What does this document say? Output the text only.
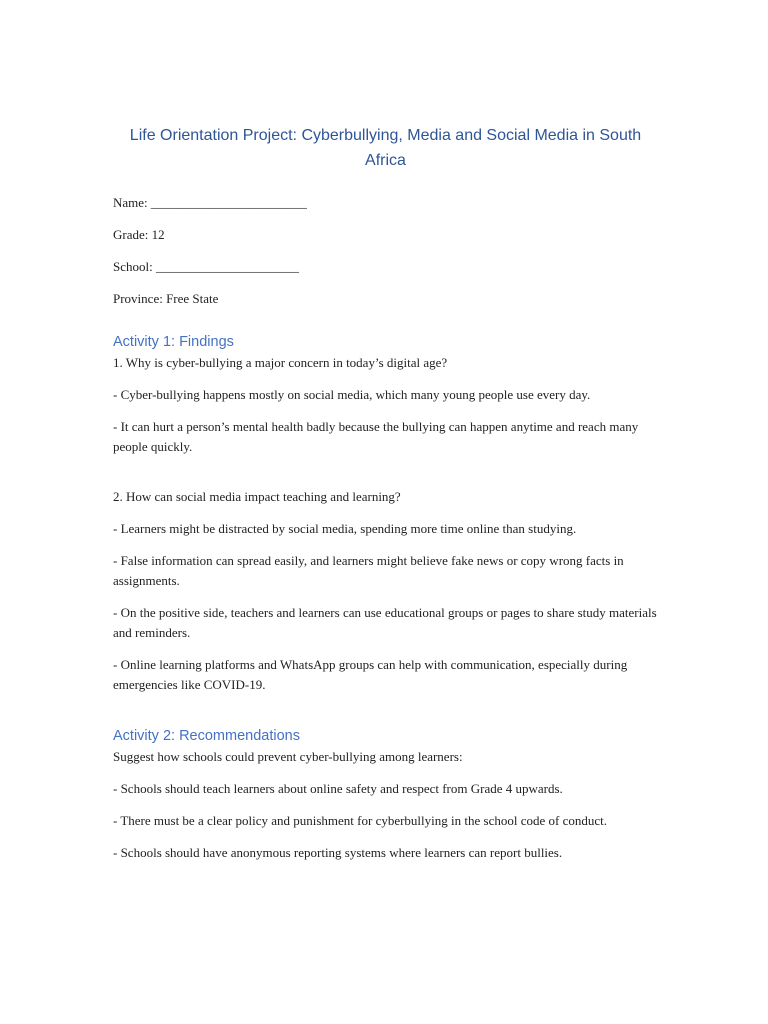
Life Orientation Project: Cyberbullying, Media and Social Media in South Africa

Name: ________________________

Grade: 12

School: ______________________

Province: Free State

Activity 1: Findings

1. Why is cyber-bullying a major concern in today’s digital age?

- Cyber-bullying happens mostly on social media, which many young people use every day.

- It can hurt a person’s mental health badly because the bullying can happen anytime and reach many people quickly.

2. How can social media impact teaching and learning?

- Learners might be distracted by social media, spending more time online than studying.

- False information can spread easily, and learners might believe fake news or copy wrong facts in assignments.

- On the positive side, teachers and learners can use educational groups or pages to share study materials and reminders.

- Online learning platforms and WhatsApp groups can help with communication, especially during emergencies like COVID-19.

Activity 2: Recommendations

Suggest how schools could prevent cyber-bullying among learners:

- Schools should teach learners about online safety and respect from Grade 4 upwards.

- There must be a clear policy and punishment for cyberbullying in the school code of conduct.

- Schools should have anonymous reporting systems where learners can report bullies.
